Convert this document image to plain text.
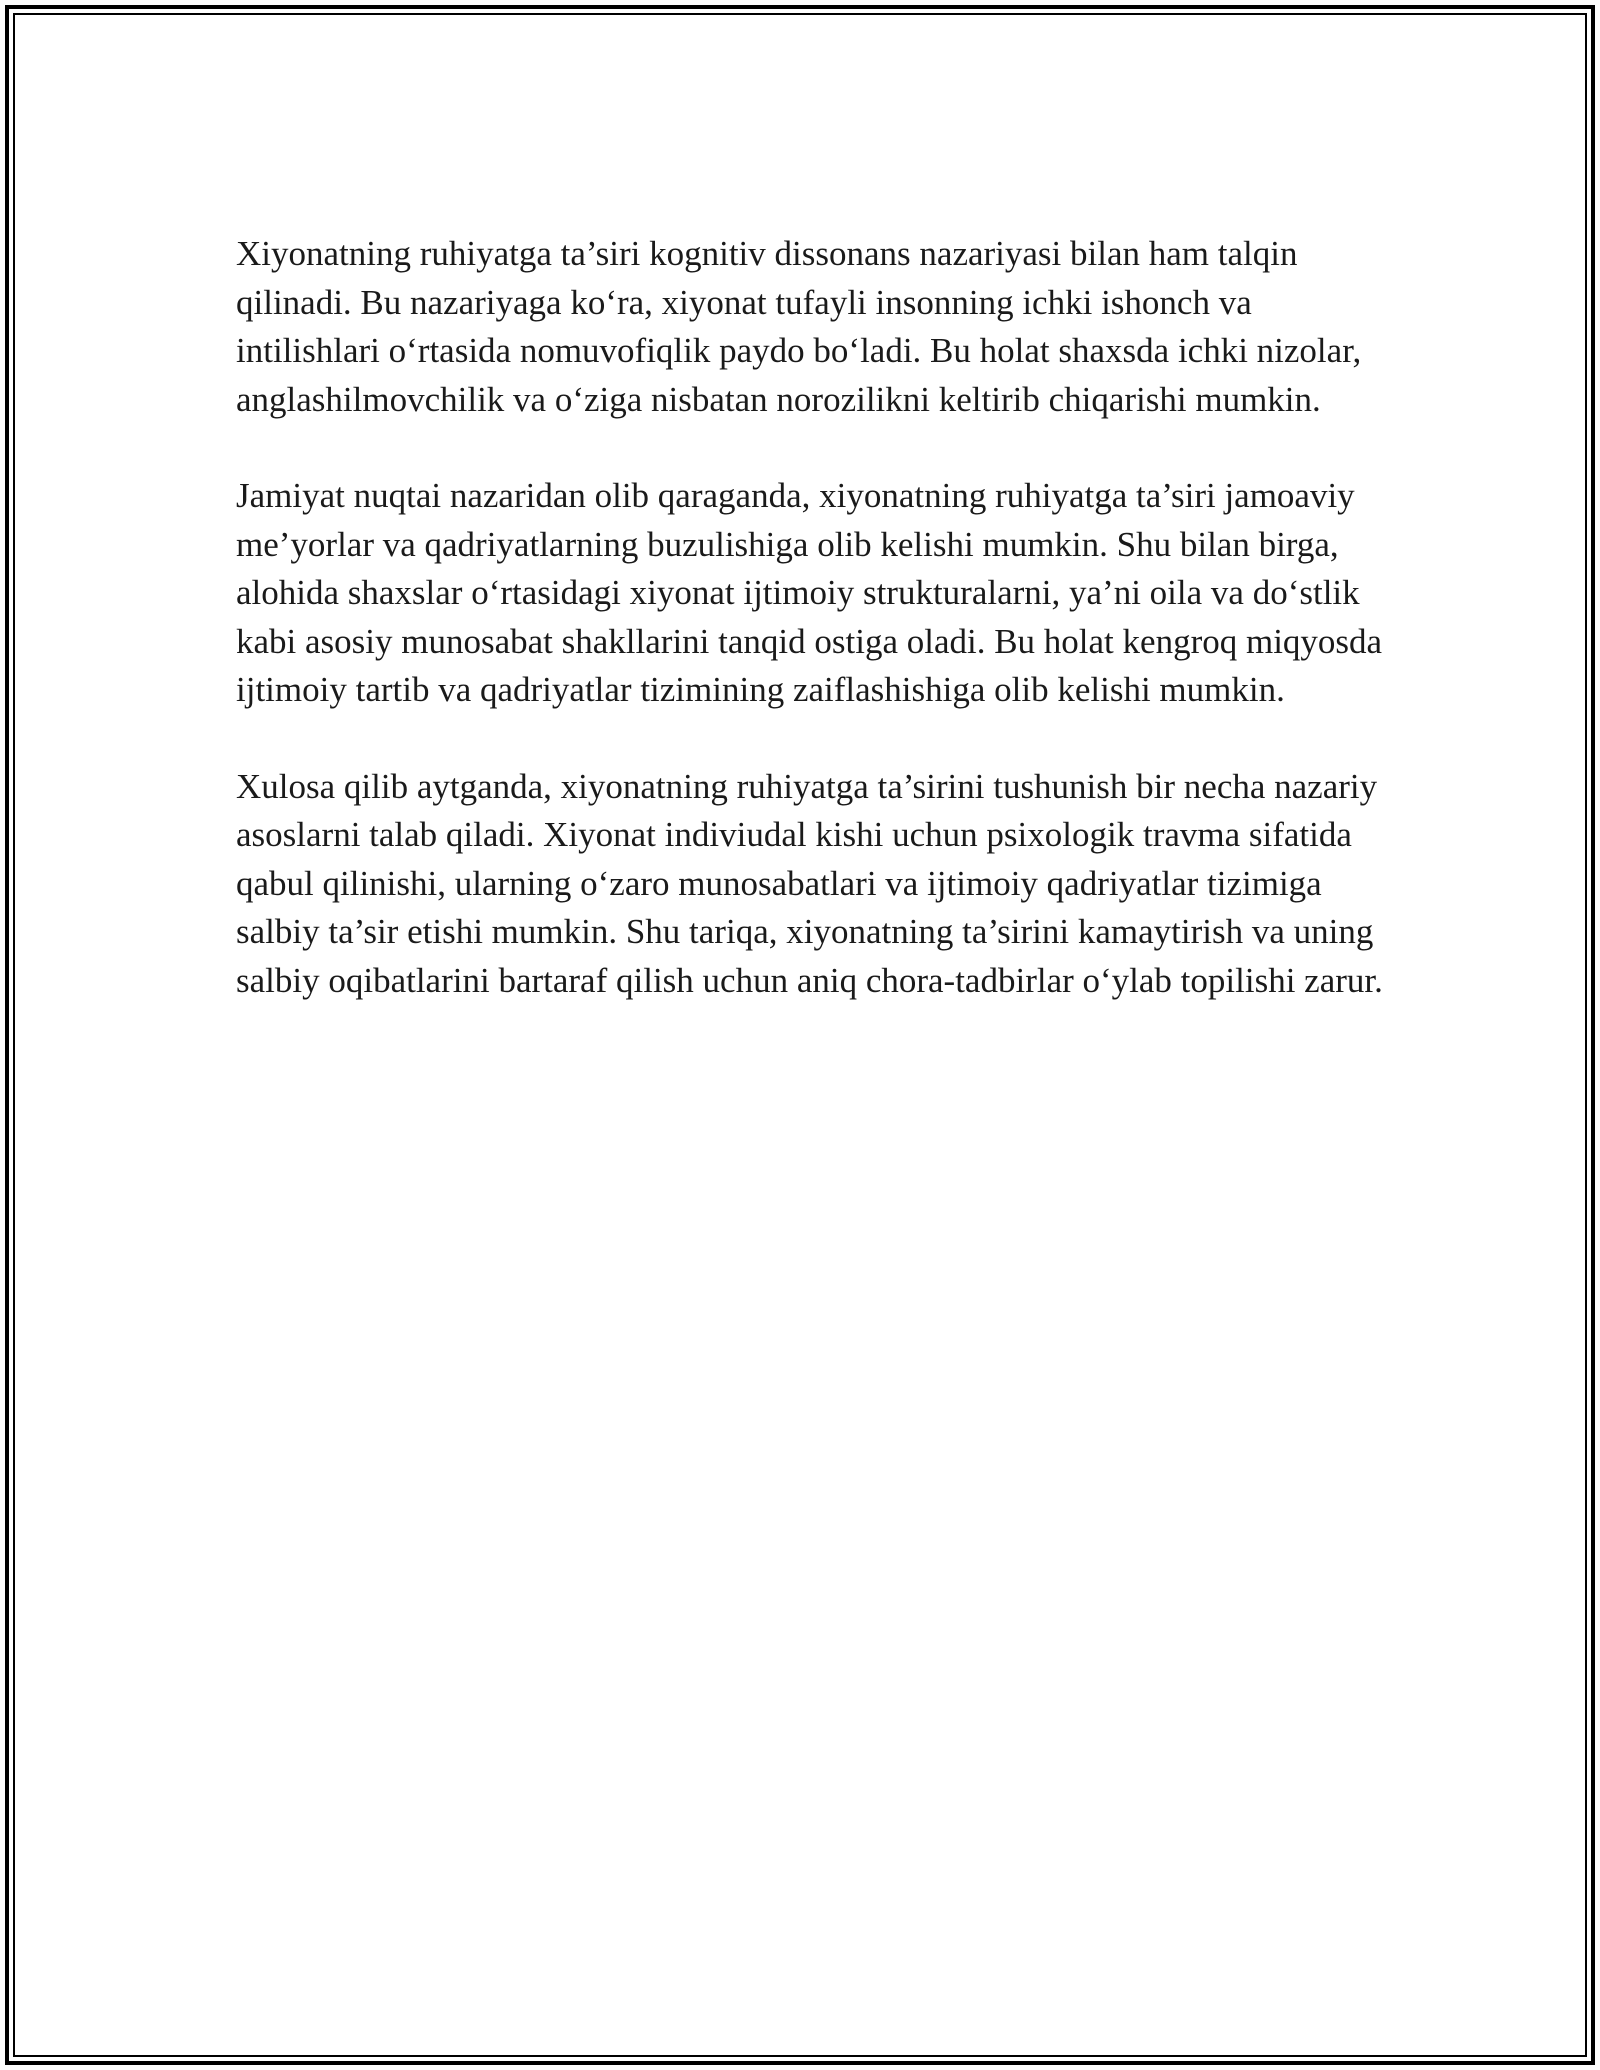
Xiyonatning ruhiyatga ta’siri kognitiv dissonans nazariyasi bilan ham talqin qilinadi. Bu nazariyaga ko‘ra, xiyonat tufayli insonning ichki ishonch va intilishlari o‘rtasida nomuvofiqlik paydo bo‘ladi. Bu holat shaxsda ichki nizolar, anglashilmovchilik va o‘ziga nisbatan norozilikni keltirib chiqarishi mumkin.

Jamiyat nuqtai nazaridan olib qaraganda, xiyonatning ruhiyatga ta’siri jamoaviy me’yorlar va qadriyatlarning buzulishiga olib kelishi mumkin. Shu bilan birga, alohida shaxslar o‘rtasidagi xiyonat ijtimoiy strukturalarni, ya’ni oila va do‘stlik kabi asosiy munosabat shakllarini tanqid ostiga oladi. Bu holat kengroq miqyosda ijtimoiy tartib va qadriyatlar tizimining zaiflashishiga olib kelishi mumkin.

Xulosa qilib aytganda, xiyonatning ruhiyatga ta’sirini tushunish bir necha nazariy asoslarni talab qiladi. Xiyonat indiviudal kishi uchun psixologik travma sifatida qabul qilinishi, ularning o‘zaro munosabatlari va ijtimoiy qadriyatlar tizimiga salbiy ta’sir etishi mumkin. Shu tariqa, xiyonatning ta’sirini kamaytirish va uning salbiy oqibatlarini bartaraf qilish uchun aniq chora-tadbirlar o‘ylab topilishi zarur.
